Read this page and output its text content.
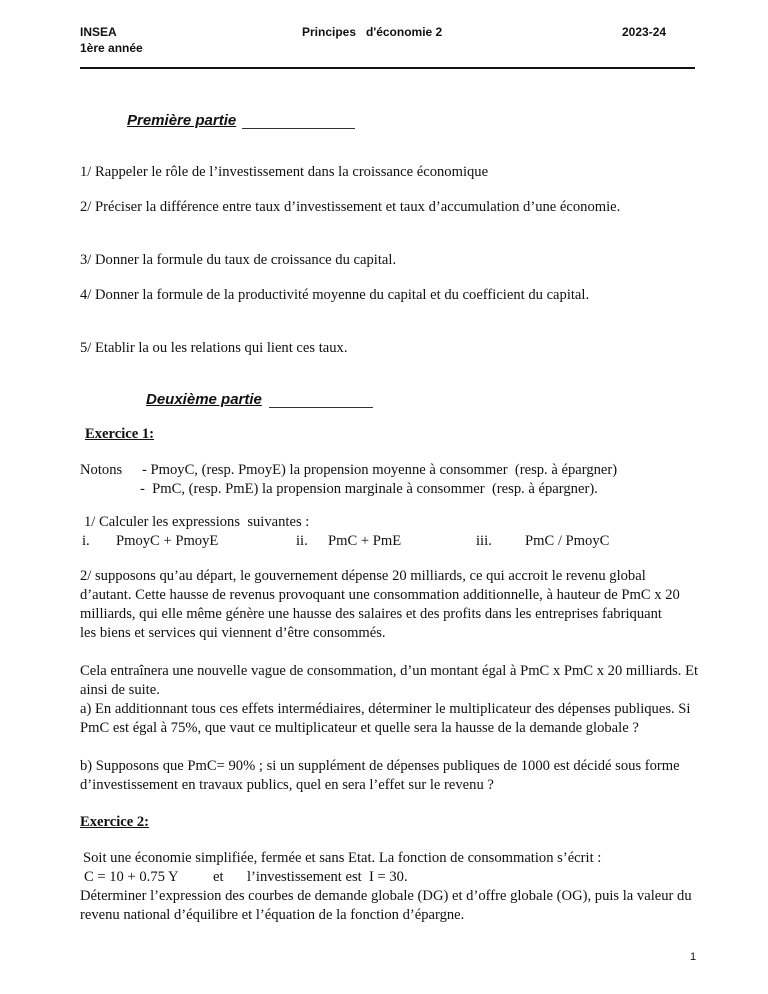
INSEA
1ère année
Principes   d'économie 2	2023-24
Première partie
1/ Rappeler le rôle de l’investissement dans la croissance économique
2/ Préciser la différence entre taux d’investissement et taux d’accumulation d’une économie.
3/ Donner la formule du taux de croissance du capital.
4/ Donner la formule de la productivité moyenne du capital et du coefficient du capital.
5/ Etablir la ou les relations qui lient ces taux.
Deuxième partie
Exercice 1:
Notons - PmoyC, (resp. PmoyE) la propension moyenne à consommer  (resp. à épargner)
-  PmC, (resp. PmE) la propension marginale à consommer  (resp. à épargner).
1/ Calculer les expressions  suivantes :
i. PmoyC + PmoyE	ii. PmC + PmE	iii. PmC / PmoyC
2/ supposons qu’au départ, le gouvernement dépense 20 milliards, ce qui accroit le revenu global d’autant. Cette hausse de revenus provoquant une consommation additionnelle, à hauteur de PmC x 20 milliards, qui elle même génère une hausse des salaires et des profits dans les entreprises fabriquant les biens et services qui viennent d’être consommés.
Cela entraînera une nouvelle vague de consommation, d’un montant égal à PmC x PmC x 20 milliards. Et ainsi de suite.
a) En additionnant tous ces effets intermédiaires, déterminer le multiplicateur des dépenses publiques. Si PmC est égal à 75%, que vaut ce multiplicateur et quelle sera la hausse de la demande globale ?
b) Supposons que PmC= 90% ; si un supplément de dépenses publiques de 1000 est décidé sous forme d’investissement en travaux publics, quel en sera l’effet sur le revenu ?
Exercice 2:
Soit une économie simplifiée, fermée et sans Etat. La fonction de consommation s’écrit :
C = 10 + 0.75 Y et l’investissement est  I = 30.
Déterminer l’expression des courbes de demande globale (DG) et d’offre globale (OG), puis la valeur du revenu national d’équilibre et l’équation de la fonction d’épargne.
1
